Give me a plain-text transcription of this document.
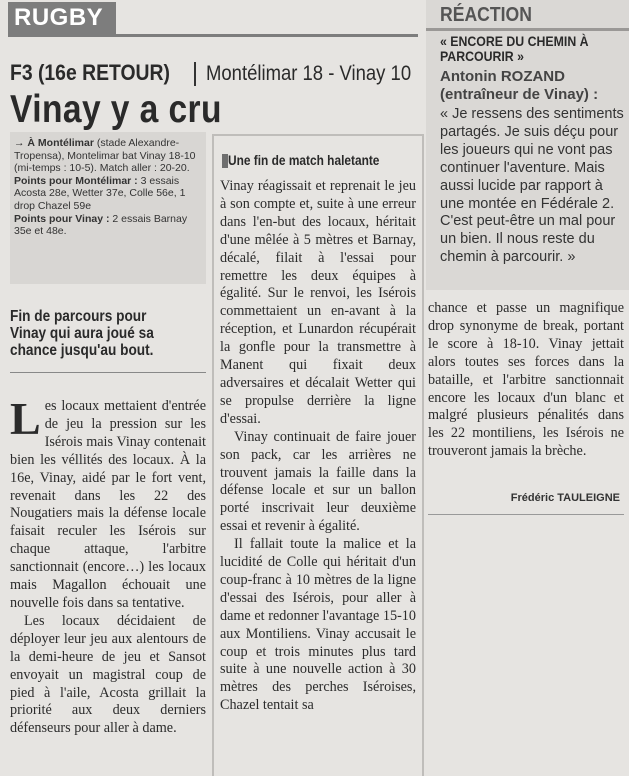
RUGBY
F3 (16e RETOUR) Montélimar 18 - Vinay 10
Vinay y a cru
→ À Montélimar (stade Alexandre-Tropensa), Montelimar bat Vinay 18-10 (mi-temps : 10-5). Match aller : 20-20.
Points pour Montélimar : 3 essais Acosta 28e, Wetter 37e, Colle 56e, 1 drop Chazel 59e
Points pour Vinay : 2 essais Barnay 35e et 48e.
Fin de parcours pour Vinay qui aura joué sa chance jusqu'au bout.

Les locaux mettaient d'entrée de jeu la pression sur les Isérois mais Vinay contenait bien les véllités des locaux. À la 16e, Vinay, aidé par le fort vent, revenait dans les 22 des Nougatiers mais la défense locale faisait reculer les Isérois sur chaque attaque, l'arbitre sanctionnait (encore…) les locaux mais Magallon échouait une nouvelle fois dans sa tentative.

Les locaux décidaient de déployer leur jeu aux alentours de la demi-heure de jeu et Sansot envoyait un magistral coup de pied à l'aile, Acosta grillait la priorité aux deux derniers défenseurs pour aller à dame.

Une fin de match haletante

Vinay réagissait et reprenait le jeu à son compte et, suite à une erreur dans l'en-but des locaux, héritait d'une mêlée à 5 mètres et Barnay, décalé, filait à l'essai pour remettre les deux équipes à égalité. Sur le renvoi, les Isérois commettaient un en-avant à la réception, et Lunardon récupérait la gonfle pour la transmettre à Manent qui fixait deux adversaires et décalait Wetter qui se propulse derrière la ligne d'essai.

Vinay continuait de faire jouer son pack, car les arrières ne trouvent jamais la faille dans la défense locale et sur un ballon porté inscrivait leur deuxième essai et revenir à égalité.

Il fallait toute la malice et la lucidité de Colle qui héritait d'un coup-franc à 10 mètres de la ligne d'essai des Isérois, pour aller à dame et redonner l'avantage 15-10 aux Montiliens. Vinay accusait le coup et trois minutes plus tard suite à une nouvelle action à 30 mètres des perches Iséroises, Chazel tentait sa

RÉACTION
« ENCORE DU CHEMIN À PARCOURIR »
Antonin ROZAND
(entraîneur de Vinay) :
« Je ressens des sentiments partagés. Je suis déçu pour les joueurs qui ne vont pas continuer l'aventure. Mais aussi lucide par rapport à une montée en Fédérale 2. C'est peut-être un mal pour un bien. Il nous reste du chemin à parcourir. »

chance et passe un magnifique drop synonyme de break, portant le score à 18-10. Vinay jettait alors toutes ses forces dans la bataille, et l'arbitre sanctionnait encore les locaux d'un blanc et malgré plusieurs pénalités dans les 22 montiliens, les Isérois ne trouveront jamais la brèche.

Frédéric TAULEIGNE
